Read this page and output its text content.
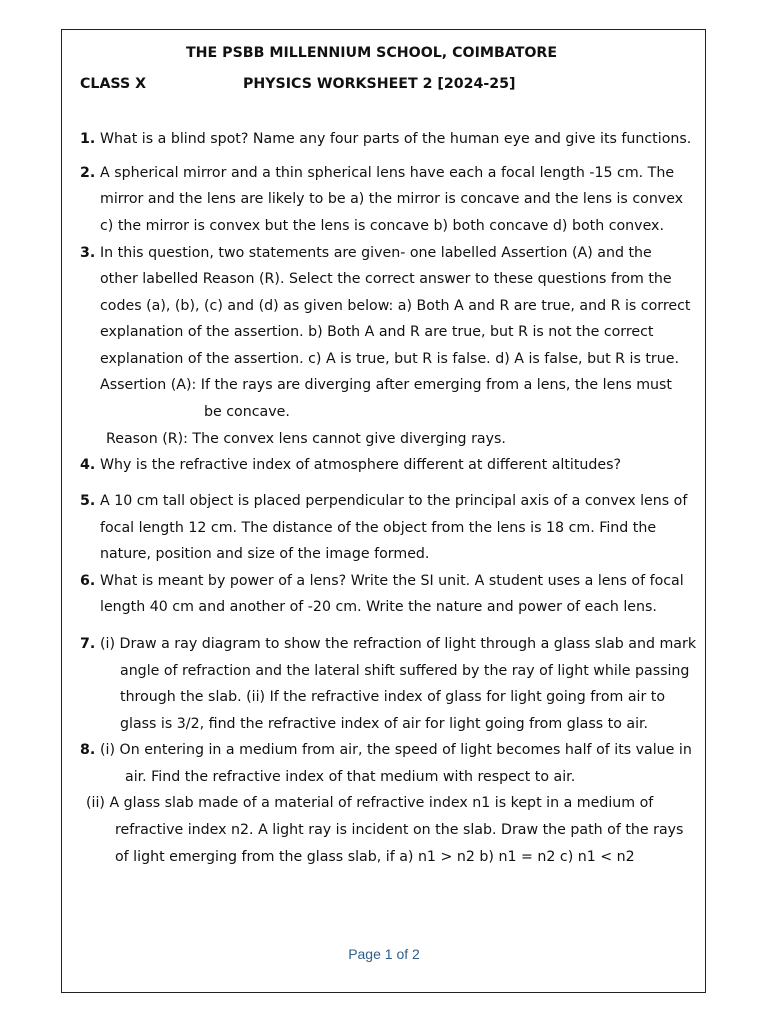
THE PSBB MILLENNIUM SCHOOL, COIMBATORE
CLASS X	PHYSICS WORKSHEET 2 [2024-25]
1. What is a blind spot? Name any four parts of the human eye and give its functions.
2. A spherical mirror and a thin spherical lens have each a focal length -15 cm. The
mirror and the lens are likely to be a) the mirror is concave and the lens is convex
c) the mirror is convex but the lens is concave b) both concave d) both convex.
3. In this question, two statements are given- one labelled Assertion (A) and the
other labelled Reason (R). Select the correct answer to these questions from the
codes (a), (b), (c) and (d) as given below: a) Both A and R are true, and R is correct
explanation of the assertion. b) Both A and R are true, but R is not the correct
explanation of the assertion. c) A is true, but R is false. d) A is false, but R is true.
Assertion (A): If the rays are diverging after emerging from a lens, the lens must
be concave.
Reason (R): The convex lens cannot give diverging rays.
4. Why is the refractive index of atmosphere different at different altitudes?
5. A 10 cm tall object is placed perpendicular to the principal axis of a convex lens of
focal length 12 cm. The distance of the object from the lens is 18 cm. Find the
nature, position and size of the image formed.
6. What is meant by power of a lens? Write the SI unit. A student uses a lens of focal
length 40 cm and another of -20 cm. Write the nature and power of each lens.
7. (i) Draw a ray diagram to show the refraction of light through a glass slab and mark
angle of refraction and the lateral shift suffered by the ray of light while passing
through the slab. (ii) If the refractive index of glass for light going from air to
glass is 3/2, find the refractive index of air for light going from glass to air.
8. (i) On entering in a medium from air, the speed of light becomes half of its value in
air. Find the refractive index of that medium with respect to air.
(ii) A glass slab made of a material of refractive index n1 is kept in a medium of
refractive index n2. A light ray is incident on the slab. Draw the path of the rays
of light emerging from the glass slab, if a) n1 > n2 b) n1 = n2 c) n1 < n2
Page 1 of 2
